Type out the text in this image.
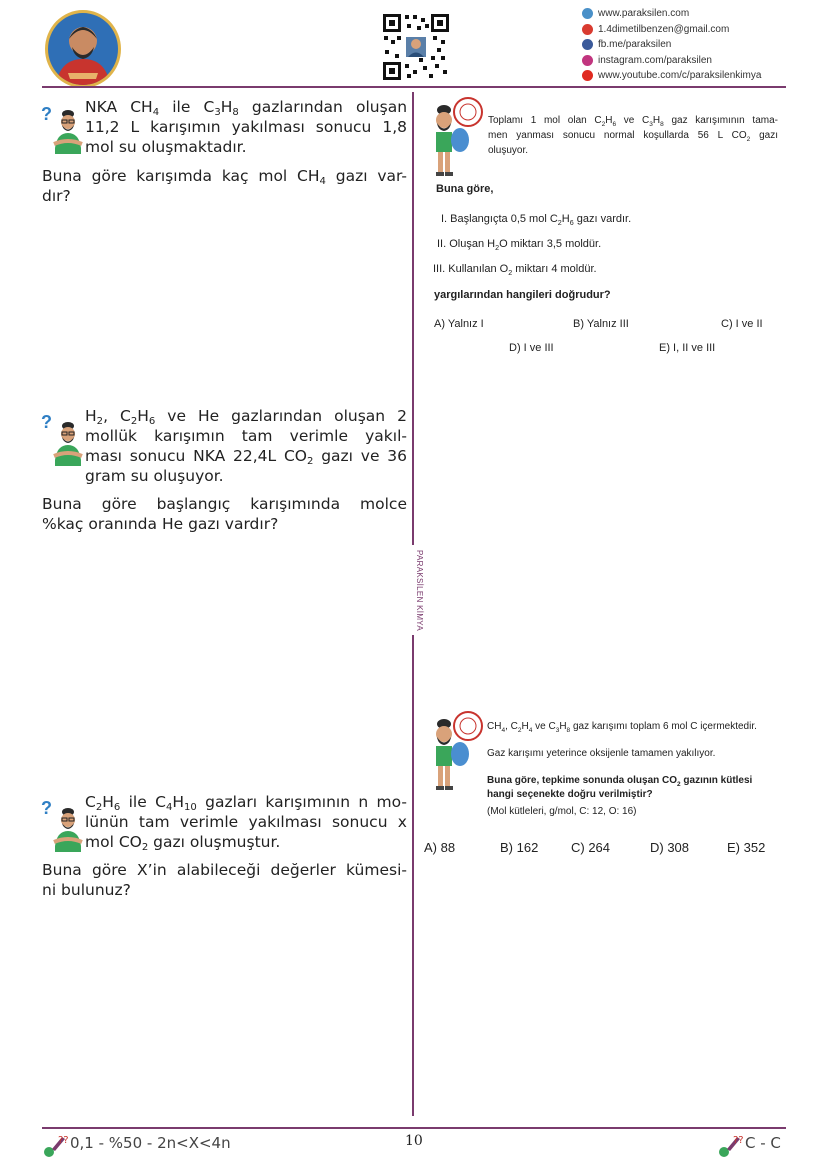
www.paraksilen.com
1.4dimetilbenzen@gmail.com
fb.me/paraksilen
instagram.com/paraksilen
www.youtube.com/c/paraksilenkimya
PARAKSİLEN KİMYA
? NKA $CH_4$ ile $C_3H_8$ gazlarından oluşan
11,2 L karışımın yakılması sonucu 1,8
mol su oluşmaktadır.
Buna göre karışımda kaç mol $CH_4$ gazı var-
dır?
? $H_2$, $C_2H_6$ ve He gazlarından oluşan 2
mollük karışımın tam verimle yakıl-
ması sonucu NKA 22,4L $CO_2$ gazı ve 36
gram su oluşuyor.
Buna göre başlangıç karışımında molce
%kaç oranında He gazı vardır?
? $C_2H_6$ ile $C_4H_{10}$ gazları karışımının n mo-
lünün tam verimle yakılması sonucu x
mol $CO_2$ gazı oluşmuştur.
Buna göre X’in alabileceği değerler kümesi-
ni bulunuz?
Toplamı 1 mol olan $C_2H_6$ ve $C_3H_8$ gaz karışımının tama-
men yanması sonucu normal koşullarda 56 L $CO_2$ gazı
oluşuyor.
Buna göre,
I. Başlangıçta 0,5 mol $C_2H_6$ gazı vardır.
II. Oluşan $H_2O$ miktarı 3,5 moldür.
III. Kullanılan $O_2$ miktarı 4 moldür.
yargılarından hangileri doğrudur?
A) Yalnız I	B) Yalnız III	C) I ve II
D) I ve III	E) I, II ve III
$CH_4$, $C_2H_4$ ve $C_3H_8$ gaz karışımı toplam 6 mol C içermektedir.
Gaz karışımı yeterince oksijenle tamamen yakılıyor.
Buna göre, tepkime sonunda oluşan $CO_2$ gazının kütlesi
hangi seçenekte doğru verilmiştir?
(Mol kütleleri, g/mol, C: 12, O: 16)
A) 88	B) 162	C) 264	D) 308	E) 352
?? 0,1 - %50 - 2n<X<4n	10	?? C - C
